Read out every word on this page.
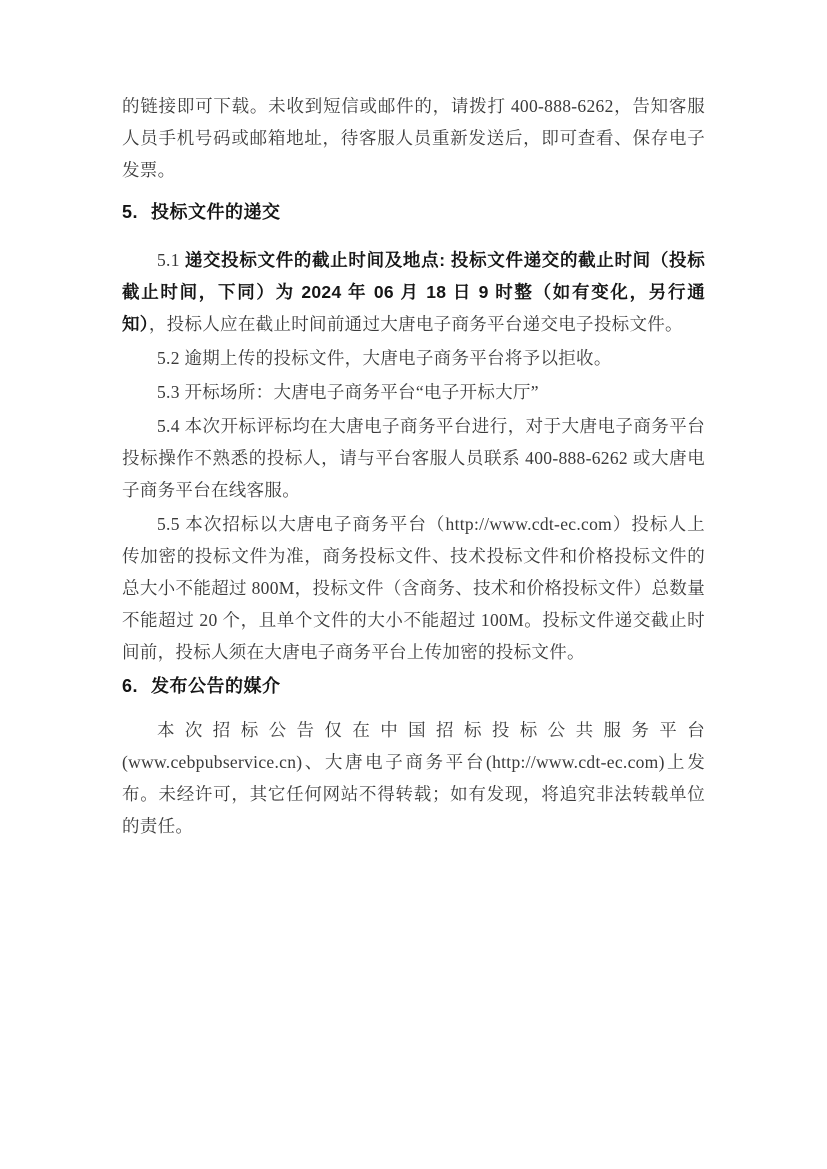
的链接即可下载。未收到短信或邮件的，请拨打 400-888-6262，告知客服人员手机号码或邮箱地址，待客服人员重新发送后，即可查看、保存电子发票。

5. 投标文件的递交

5.1 递交投标文件的截止时间及地点: 投标文件递交的截止时间（投标截止时间，下同）为 2024 年 06 月 18 日 9 时整（如有变化，另行通知），投标人应在截止时间前通过大唐电子商务平台递交电子投标文件。

5.2 逾期上传的投标文件，大唐电子商务平台将予以拒收。

5.3 开标场所：大唐电子商务平台“电子开标大厅”

5.4 本次开标评标均在大唐电子商务平台进行，对于大唐电子商务平台投标操作不熟悉的投标人，请与平台客服人员联系 400-888-6262 或大唐电子商务平台在线客服。

5.5 本次招标以大唐电子商务平台（http://www.cdt-ec.com）投标人上传加密的投标文件为准，商务投标文件、技术投标文件和价格投标文件的总大小不能超过 800M，投标文件（含商务、技术和价格投标文件）总数量不能超过 20 个，且单个文件的大小不能超过 100M。投标文件递交截止时间前，投标人须在大唐电子商务平台上传加密的投标文件。

6. 发布公告的媒介

本次招标公告仅在中国招标投标公共服务平台(www.cebpubservice.cn)、大唐电子商务平台(http://www.cdt-ec.com)上发布。未经许可，其它任何网站不得转载；如有发现，将追究非法转载单位的责任。
